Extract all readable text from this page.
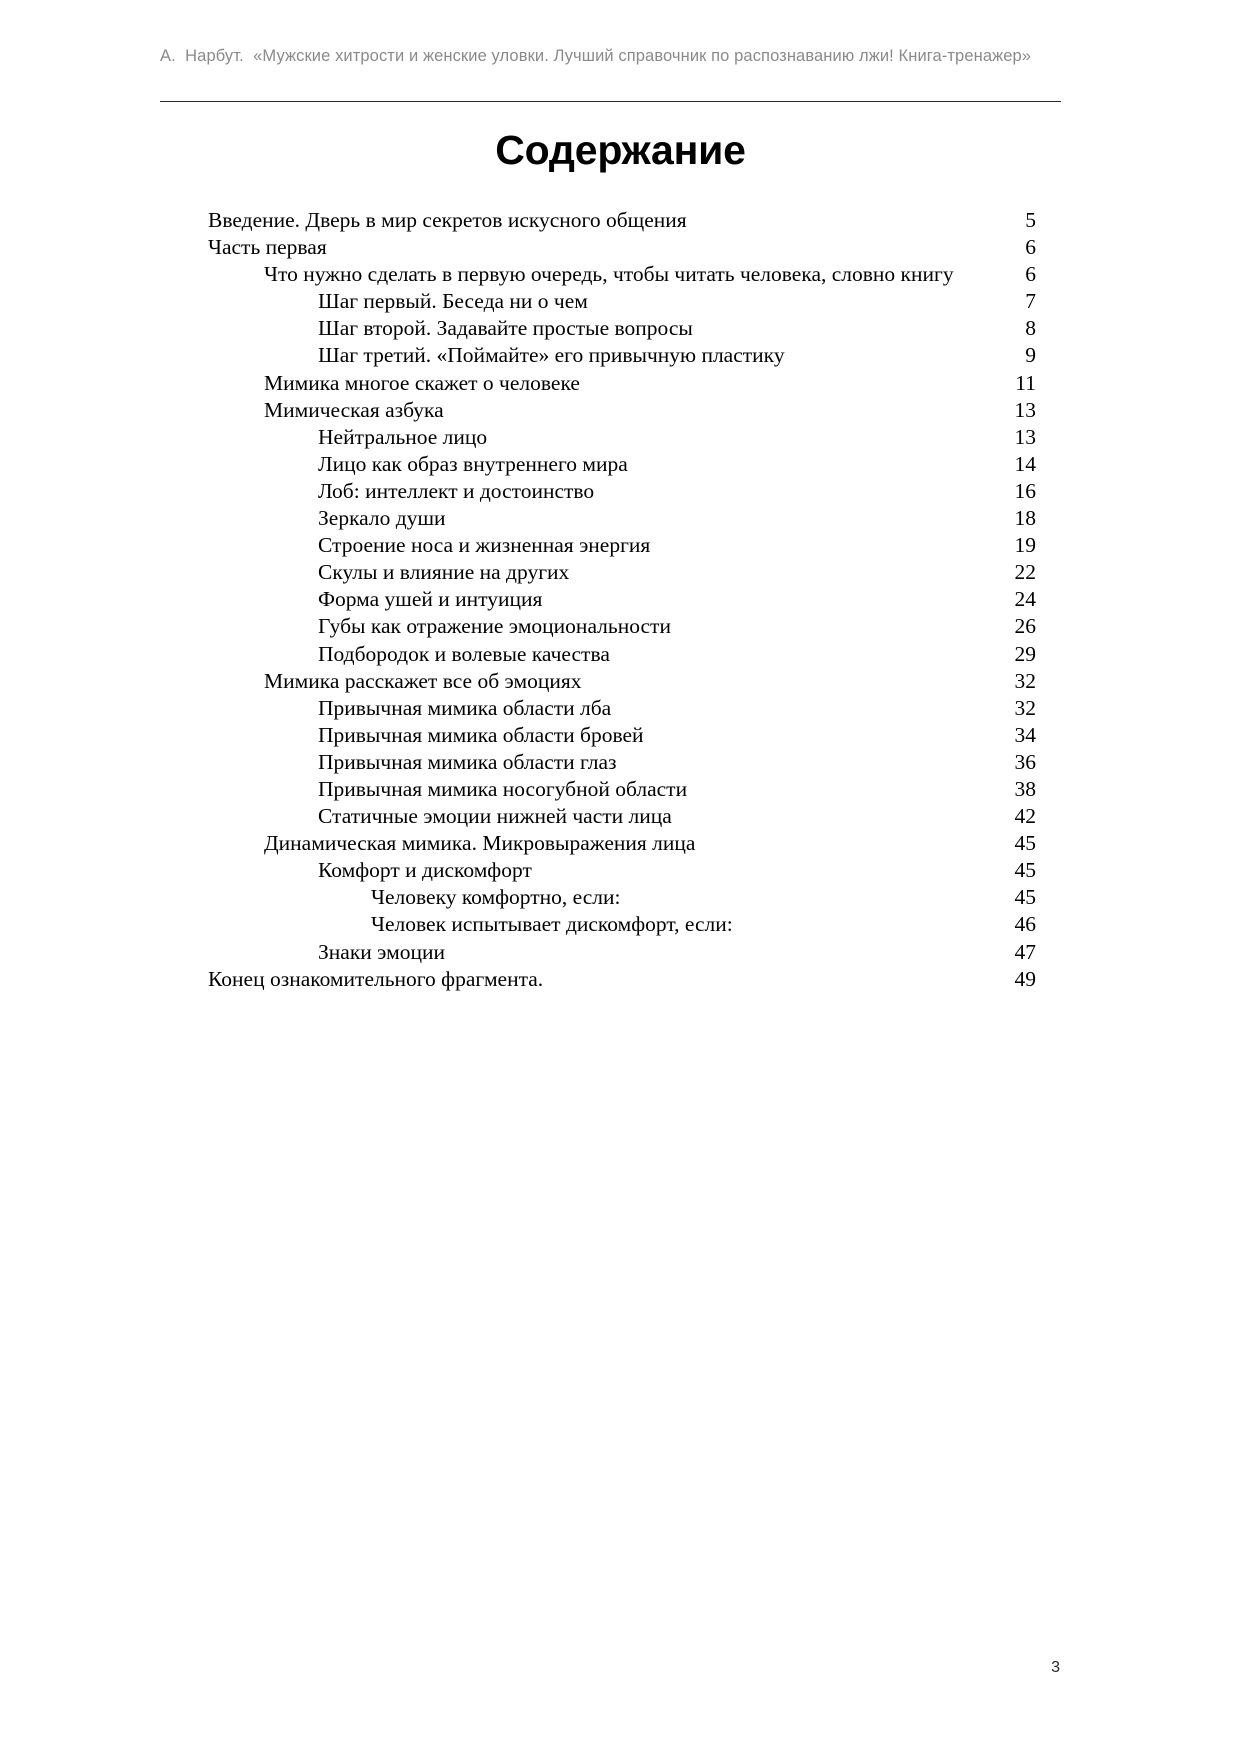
А.  Нарбут.  «Мужские хитрости и женские уловки. Лучший справочник по распознаванию лжи! Книга-тренажер»
Содержание
Введение. Дверь в мир секретов искусного общения	5
Часть первая	6
Что нужно сделать в первую очередь, чтобы читать человека, словно книгу	6
Шаг первый. Беседа ни о чем	7
Шаг второй. Задавайте простые вопросы	8
Шаг третий. «Поймайте» его привычную пластику	9
Мимика многое скажет о человеке	11
Мимическая азбука	13
Нейтральное лицо	13
Лицо как образ внутреннего мира	14
Лоб: интеллект и достоинство	16
Зеркало души	18
Строение носа и жизненная энергия	19
Скулы и влияние на других	22
Форма ушей и интуиция	24
Губы как отражение эмоциональности	26
Подбородок и волевые качества	29
Мимика расскажет все об эмоциях	32
Привычная мимика области лба	32
Привычная мимика области бровей	34
Привычная мимика области глаз	36
Привычная мимика носогубной области	38
Статичные эмоции нижней части лица	42
Динамическая мимика. Микровыражения лица	45
Комфорт и дискомфорт	45
Человеку комфортно, если:	45
Человек испытывает дискомфорт, если:	46
Знаки эмоции	47
Конец ознакомительного фрагмента.	49
3
